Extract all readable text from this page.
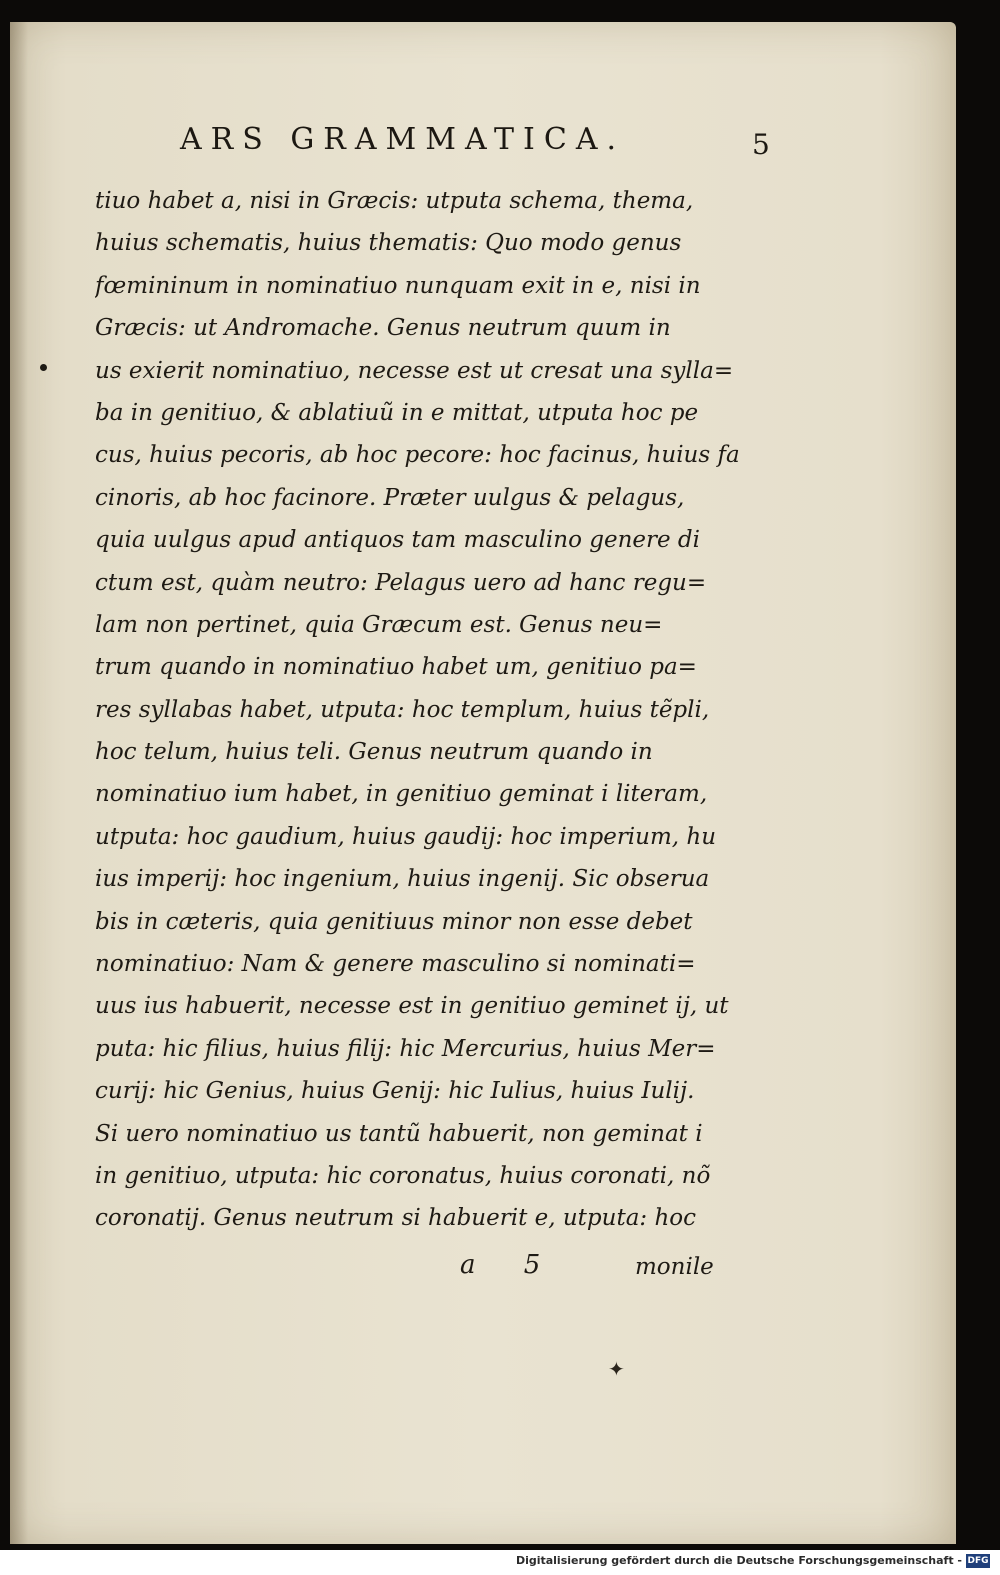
ARS GRAMMATICA.	5
tiuo habet a, nisi in Græcis: utputa schema, thema,
huius schematis, huius thematis: Quo modo genus
fœmininum in nominatiuo nunquam exit in e, nisi in
Græcis: ut Andromache. Genus neutrum quum in
us exierit nominatiuo, necesse est ut cresat una sylla=
ba in genitiuo, & ablatiuũ in e mittat, utputa hoc pe
cus, huius pecoris, ab hoc pecore: hoc facinus, huius fa
cinoris, ab hoc facinore. Præter uulgus & pelagus,
quia uulgus apud antiquos tam masculino genere di
ctum est, quàm neutro: Pelagus uero ad hanc regu=
lam non pertinet, quia Græcum est. Genus neu=
trum quando in nominatiuo habet um, genitiuo pa=
res syllabas habet, utputa: hoc templum, huius tẽpli,
hoc telum, huius teli. Genus neutrum quando in
nominatiuo ium habet, in genitiuo geminat i literam,
utputa: hoc gaudium, huius gaudij: hoc imperium, hu
ius imperij: hoc ingenium, huius ingenij. Sic obserua
bis in cæteris, quia genitiuus minor non esse debet
nominatiuo: Nam & genere masculino si nominati=
uus ius habuerit, necesse est in genitiuo geminet ij, ut
puta: hic filius, huius filij: hic Mercurius, huius Mer=
curij: hic Genius, huius Genij: hic Iulius, huius Iulij.
Si uero nominatiuo us tantũ habuerit, non geminat i
in genitiuo, utputa: hic coronatus, huius coronati, nõ
coronatij. Genus neutrum si habuerit e, utputa: hoc
a 5	monile
✦
Digitalisierung gefördert durch die Deutsche Forschungsgemeinschaft - DFG
